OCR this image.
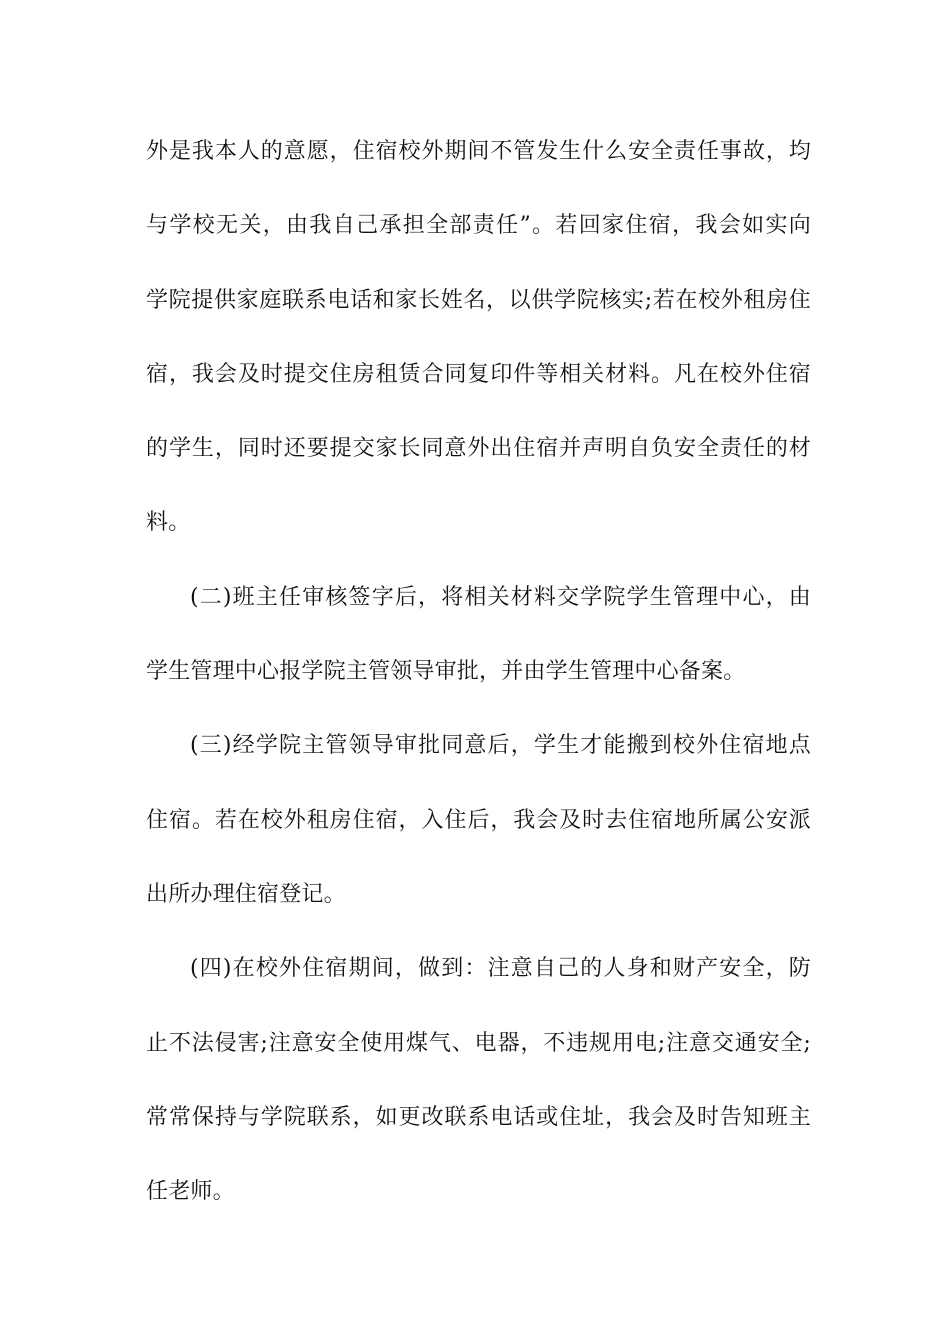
外是我本人的意愿，住宿校外期间不管发生什么安全责任事故，均
与学校无关，由我自己承担全部责任”。若回家住宿，我会如实向
学院提供家庭联系电话和家长姓名，以供学院核实;若在校外租房住
宿，我会及时提交住房租赁合同复印件等相关材料。凡在校外住宿
的学生，同时还要提交家长同意外出住宿并声明自负安全责任的材
料。
(二)班主任审核签字后，将相关材料交学院学生管理中心，由
学生管理中心报学院主管领导审批，并由学生管理中心备案。
(三)经学院主管领导审批同意后，学生才能搬到校外住宿地点
住宿。若在校外租房住宿，入住后，我会及时去住宿地所属公安派
出所办理住宿登记。
(四)在校外住宿期间，做到：注意自己的人身和财产安全，防
止不法侵害;注意安全使用煤气、电器，不违规用电;注意交通安全;
常常保持与学院联系，如更改联系电话或住址，我会及时告知班主
任老师。
